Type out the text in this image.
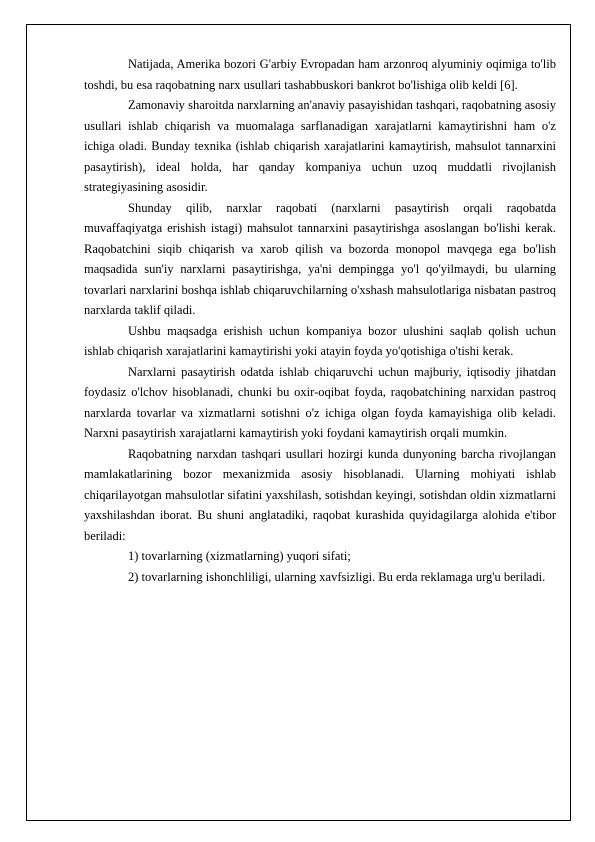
Natijada, Amerika bozori G'arbiy Evropadan ham arzonroq alyuminiy oqimiga to'lib toshdi, bu esa raqobatning narx usullari tashabbuskori bankrot bo'lishiga olib keldi [6].

Zamonaviy sharoitda narxlarning an'anaviy pasayishidan tashqari, raqobatning asosiy usullari ishlab chiqarish va muomalaga sarflanadigan xarajatlarni kamaytirishni ham o'z ichiga oladi. Bunday texnika (ishlab chiqarish xarajatlarini kamaytirish, mahsulot tannarxini pasaytirish), ideal holda, har qanday kompaniya uchun uzoq muddatli rivojlanish strategiyasining asosidir.

Shunday qilib, narxlar raqobati (narxlarni pasaytirish orqali raqobatda muvaffaqiyatga erishish istagi) mahsulot tannarxini pasaytirishga asoslangan bo'lishi kerak. Raqobatchini siqib chiqarish va xarob qilish va bozorda monopol mavqega ega bo'lish maqsadida sun'iy narxlarni pasaytirishga, ya'ni dempingga yo'l qo'yilmaydi, bu ularning tovarlari narxlarini boshqa ishlab chiqaruvchilarning o'xshash mahsulotlariga nisbatan pastroq narxlarda taklif qiladi.

Ushbu maqsadga erishish uchun kompaniya bozor ulushini saqlab qolish uchun ishlab chiqarish xarajatlarini kamaytirishi yoki atayin foyda yo'qotishiga o'tishi kerak.

Narxlarni pasaytirish odatda ishlab chiqaruvchi uchun majburiy, iqtisodiy jihatdan foydasiz o'lchov hisoblanadi, chunki bu oxir-oqibat foyda, raqobatchining narxidan pastroq narxlarda tovarlar va xizmatlarni sotishni o'z ichiga olgan foyda kamayishiga olib keladi. Narxni pasaytirish xarajatlarni kamaytirish yoki foydani kamaytirish orqali mumkin.

Raqobatning narxdan tashqari usullari hozirgi kunda dunyoning barcha rivojlangan mamlakatlarining bozor mexanizmida asosiy hisoblanadi. Ularning mohiyati ishlab chiqarilayotgan mahsulotlar sifatini yaxshilash, sotishdan keyingi, sotishdan oldin xizmatlarni yaxshilashdan iborat. Bu shuni anglatadiki, raqobat kurashida quyidagilarga alohida e'tibor beriladi:

1) tovarlarning (xizmatlarning) yuqori sifati;

2) tovarlarning ishonchliligi, ularning xavfsizligi. Bu erda reklamaga urg'u beriladi.
